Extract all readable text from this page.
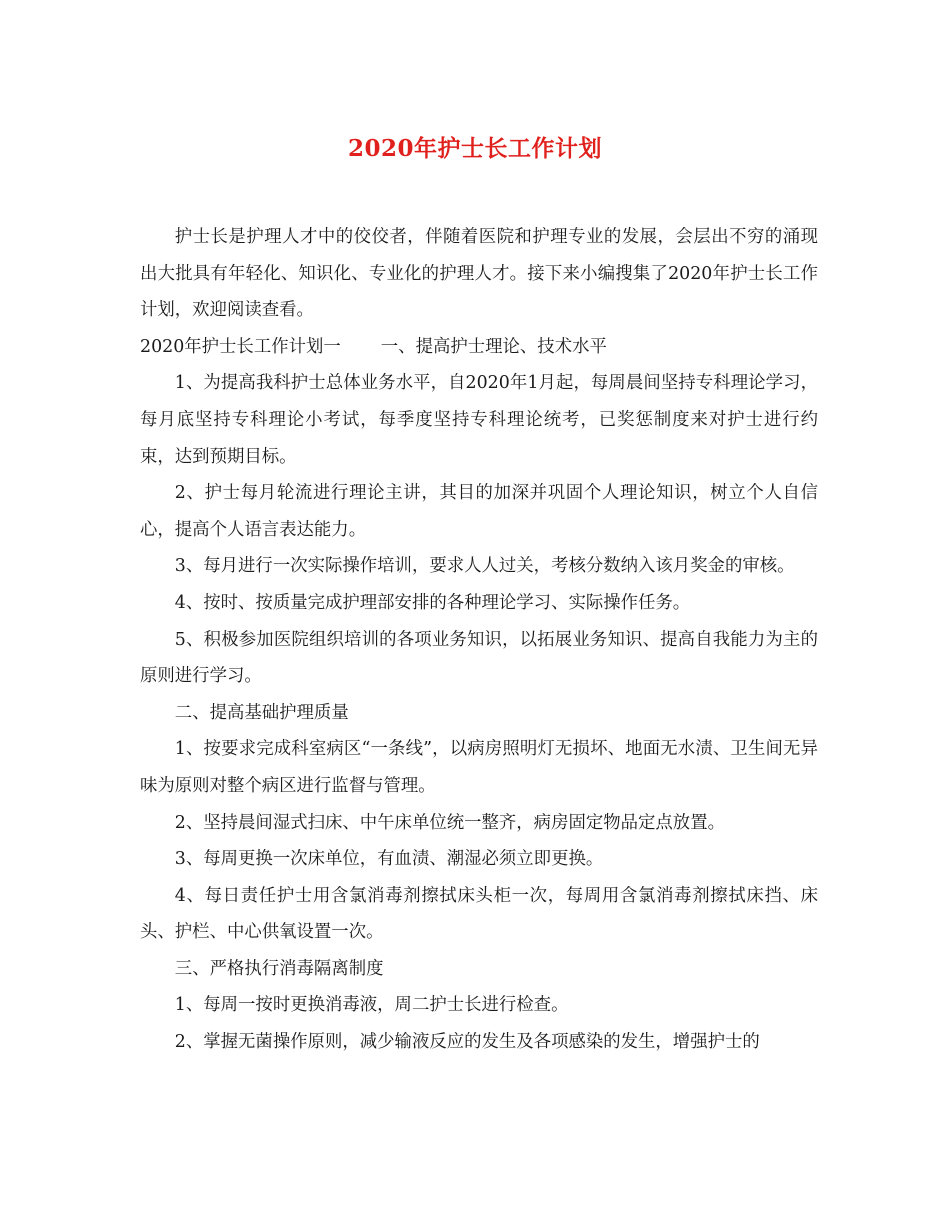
2020年护士长工作计划

护士长是护理人才中的佼佼者，伴随着医院和护理专业的发展，会层出不穷的涌现出大批具有年轻化、知识化、专业化的护理人才。接下来小编搜集了2020年护士长工作计划，欢迎阅读查看。

2020年护士长工作计划一 一、提高护士理论、技术水平

1、为提高我科护士总体业务水平，自2020年1月起，每周晨间坚持专科理论学习，每月底坚持专科理论小考试，每季度坚持专科理论统考，已奖惩制度来对护士进行约束，达到预期目标。

2、护士每月轮流进行理论主讲，其目的加深并巩固个人理论知识，树立个人自信心，提高个人语言表达能力。

3、每月进行一次实际操作培训，要求人人过关，考核分数纳入该月奖金的审核。

4、按时、按质量完成护理部安排的各种理论学习、实际操作任务。

5、积极参加医院组织培训的各项业务知识，以拓展业务知识、提高自我能力为主的原则进行学习。

二、提高基础护理质量

1、按要求完成科室病区“一条线”，以病房照明灯无损坏、地面无水渍、卫生间无异味为原则对整个病区进行监督与管理。

2、坚持晨间湿式扫床、中午床单位统一整齐，病房固定物品定点放置。

3、每周更换一次床单位，有血渍、潮湿必须立即更换。

4、每日责任护士用含氯消毒剂擦拭床头柜一次，每周用含氯消毒剂擦拭床挡、床头、护栏、中心供氧设置一次。

三、严格执行消毒隔离制度

1、每周一按时更换消毒液，周二护士长进行检查。

2、掌握无菌操作原则，减少输液反应的发生及各项感染的发生，增强护士的
